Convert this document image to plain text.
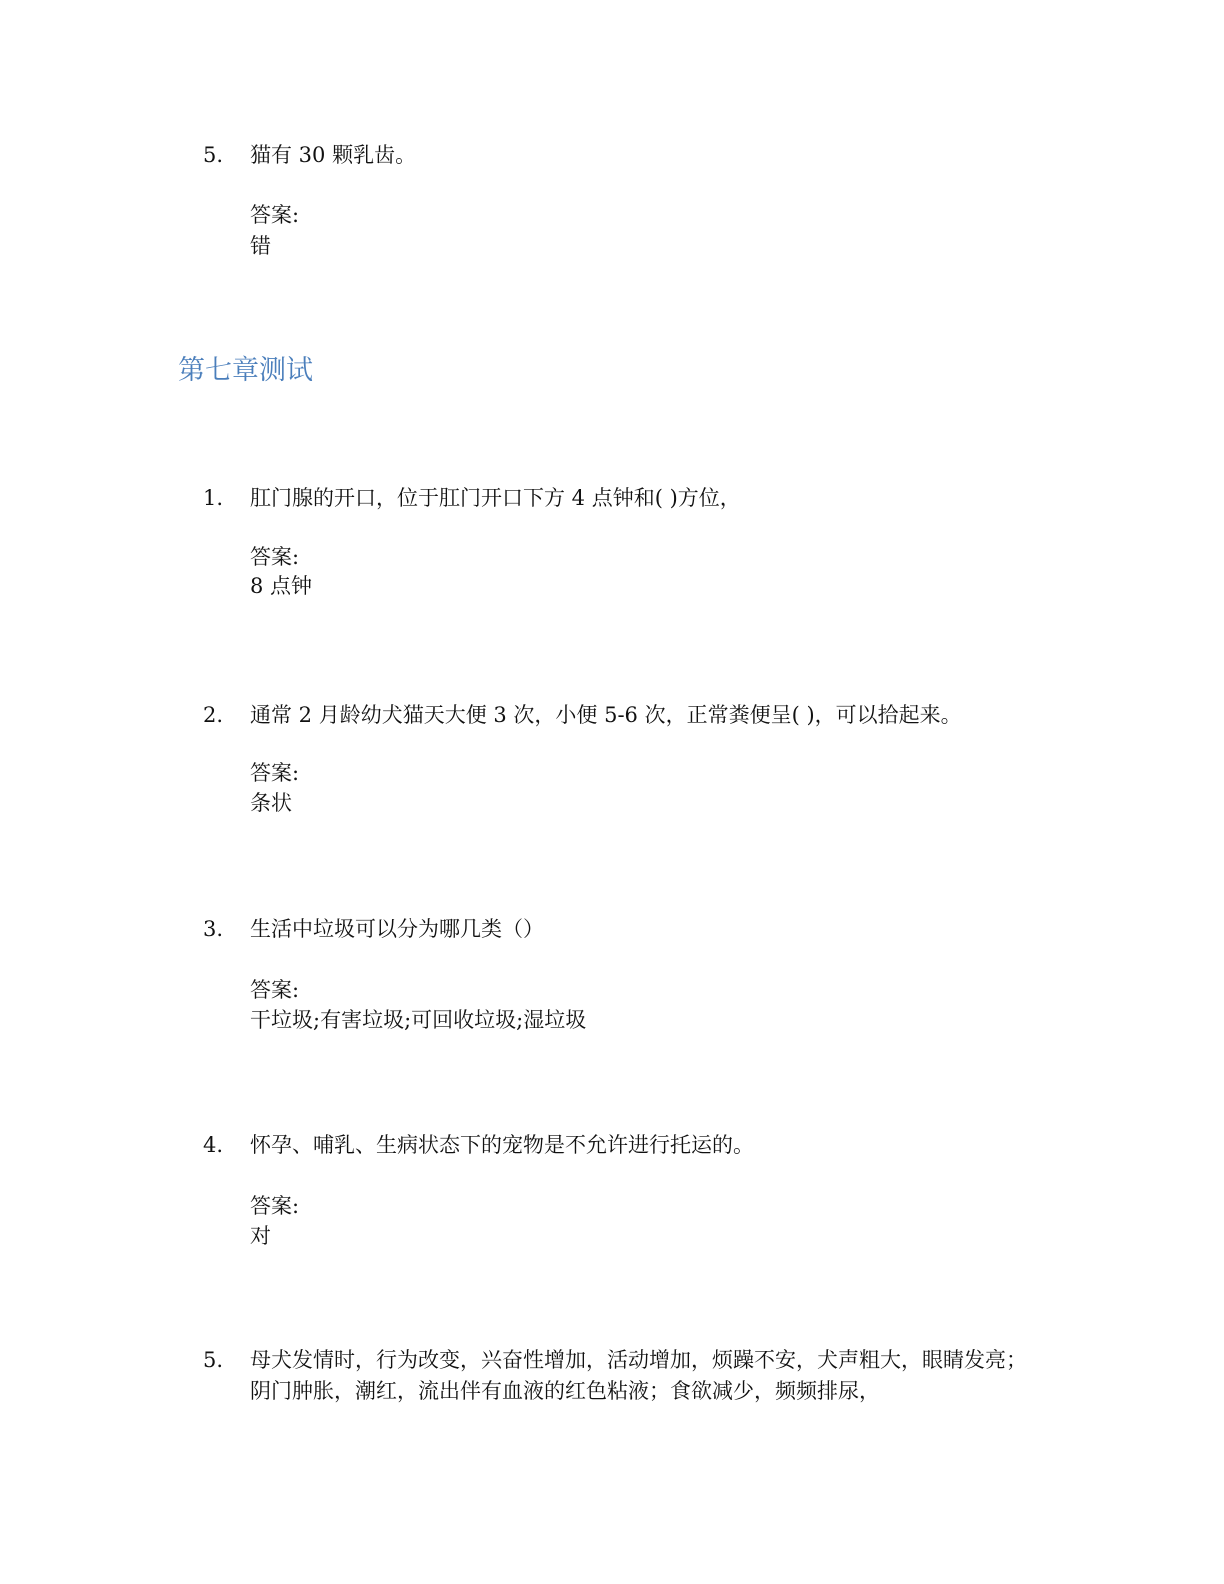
5. 猫有 30 颗乳齿。
答案:
错
第七章测试
1. 肛门腺的开口，位于肛门开口下方 4 点钟和( )方位，
答案:
8 点钟
2. 通常 2 月龄幼犬猫天大便 3 次，小便 5-6 次，正常粪便呈( )，可以拾起来。
答案:
条状
3. 生活中垃圾可以分为哪几类（）
答案:
干垃圾;有害垃圾;可回收垃圾;湿垃圾
4. 怀孕、哺乳、生病状态下的宠物是不允许进行托运的。
答案:
对
5. 母犬发情时，行为改变，兴奋性增加，活动增加，烦躁不安，犬声粗大，眼睛发亮；阴门肿胀，潮红，流出伴有血液的红色粘液；食欲减少，频频排尿，
